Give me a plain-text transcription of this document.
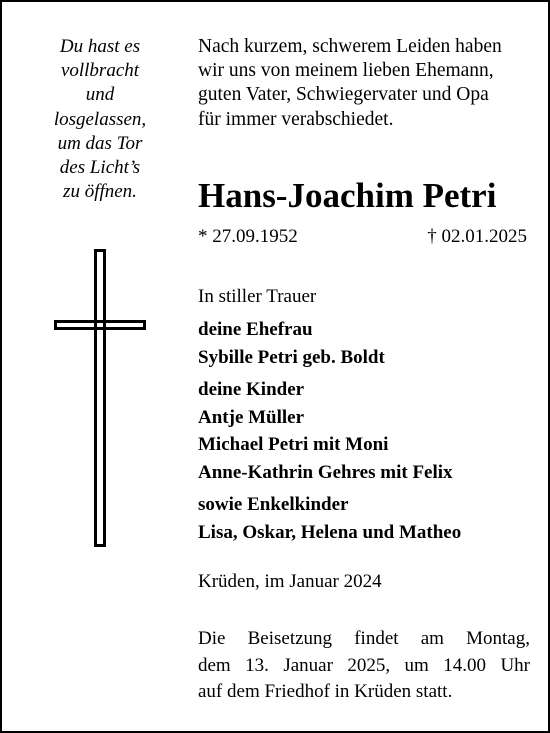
Du hast es
vollbracht
und
losgelassen,
um das Tor
des Licht’s
zu öffnen.
Nach kurzem, schwerem Leiden haben
wir uns von meinem lieben Ehemann,
guten Vater, Schwiegervater und Opa
für immer verabschiedet.
Hans-Joachim Petri
* 27.09.1952	† 02.01.2025
In stiller Trauer
deine Ehefrau
Sybille Petri geb. Boldt
deine Kinder
Antje Müller
Michael Petri mit Moni
Anne-Kathrin Gehres mit Felix
sowie Enkelkinder
Lisa, Oskar, Helena und Matheo
Krüden, im Januar 2024
Die Beisetzung findet am Montag,
dem 13. Januar 2025, um 14.00 Uhr
auf dem Friedhof in Krüden statt.
